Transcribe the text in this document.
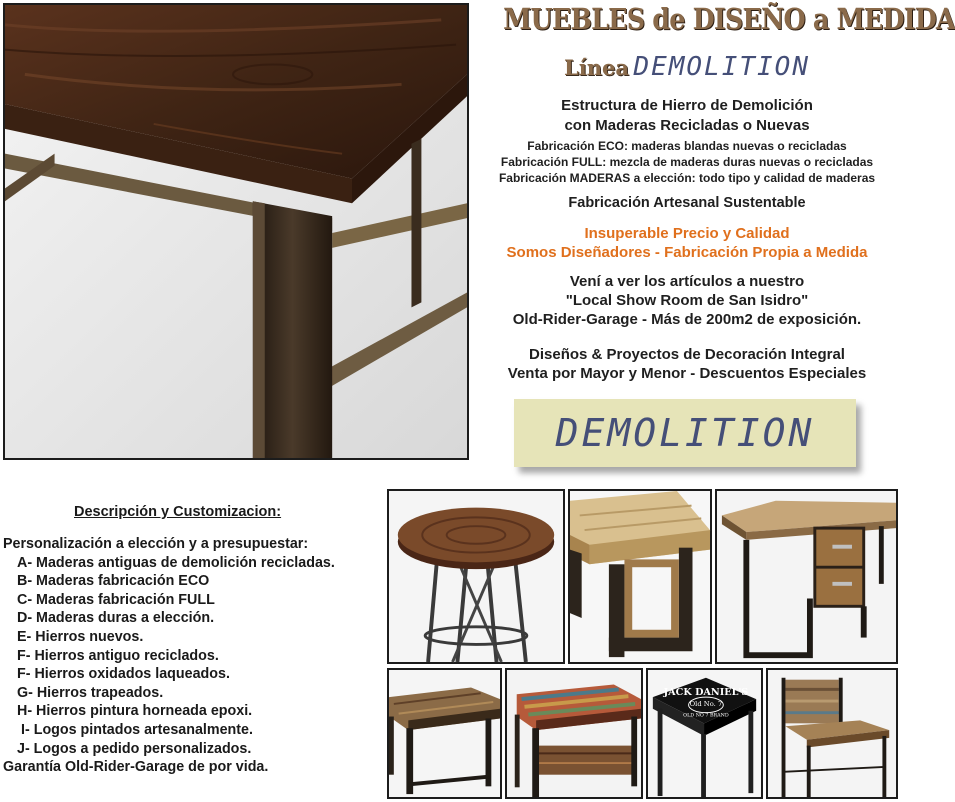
MUEBLES de DISEÑO a MEDIDA
Línea DEMOLITION
Estructura de Hierro de Demolición
con Maderas Recicladas o Nuevas
Fabricación ECO: maderas blandas nuevas o recicladas
Fabricación FULL: mezcla de maderas duras nuevas o recicladas
Fabricación MADERAS a elección: todo tipo y calidad de maderas
Fabricación Artesanal Sustentable
Insuperable Precio y Calidad
Somos Diseñadores - Fabricación Propia a Medida
Vení a ver los artículos a nuestro
"Local Show Room de San Isidro"
Old-Rider-Garage - Más de 200m2 de exposición.
Diseños & Proyectos de Decoración Integral
Venta por Mayor y Menor - Descuentos Especiales
DEMOLITION
Descripción y Customizacion:
Personalización a elección y a presupuestar:
A- Maderas antiguas de demolición recicladas.
B- Maderas fabricación ECO
C- Maderas fabricación FULL
D- Maderas duras a elección.
E- Hierros nuevos.
F- Hierros antiguo reciclados.
F- Hierros oxidados laqueados.
G- Hierros trapeados.
H- Hierros pintura horneada epoxi.
I- Logos pintados artesanalmente.
J- Logos a pedido personalizados.
Garantía Old-Rider-Garage de por vida.
JACK DANIEL'S
Old No. 7
OLD NO 7 BRAND
